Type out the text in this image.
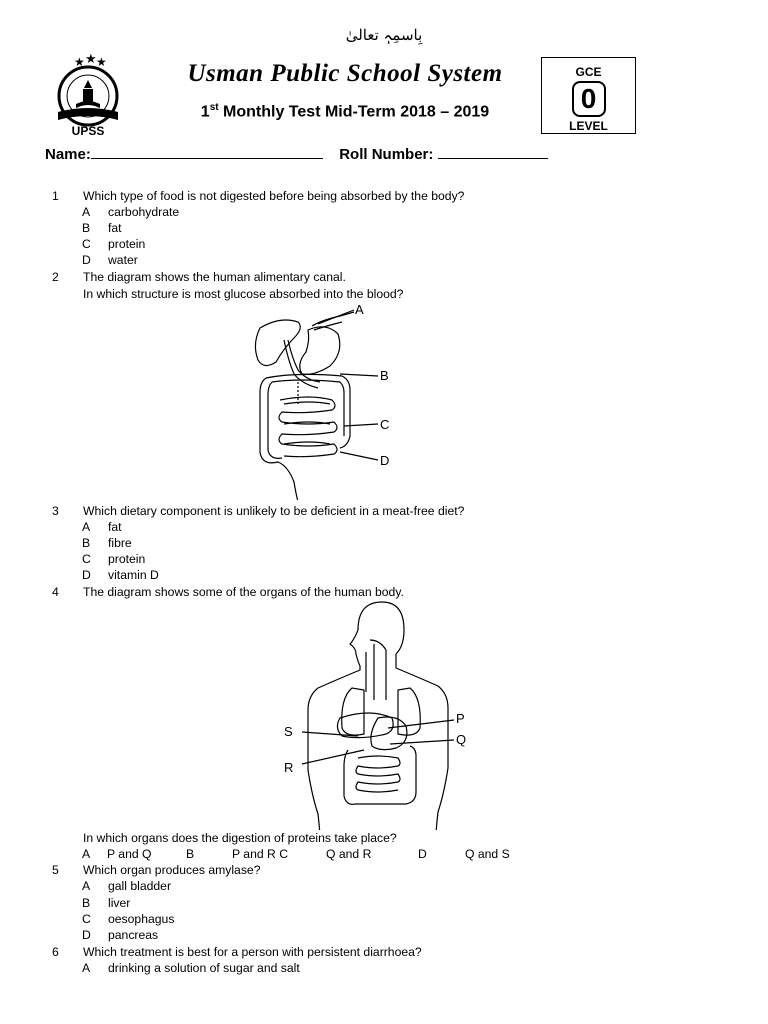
بِاسمِہٖ تعالیٰ
★ ★ ★
UPSS
Usman Public School System
1st Monthly Test Mid-Term 2018 – 2019
GCE
0
LEVEL
Name:	Roll Number:
1 Which type of food is not digested before being absorbed by the body?
A carbohydrate
B fat
C protein
D water
2 The diagram shows the human alimentary canal.
In which structure is most glucose absorbed into the blood?
A
B
C
D
3 Which dietary component is unlikely to be deficient in a meat-free diet?
A fat
B fibre
C protein
D vitamin D
4 The diagram shows some of the organs of the human body.
P
Q
S
R
In which organs does the digestion of proteins take place?
A P and Q	B	P and R C	Q and R	D	Q and S
5 Which organ produces amylase?
A gall bladder
B liver
C oesophagus
D pancreas
6 Which treatment is best for a person with persistent diarrhoea?
A drinking a solution of sugar and salt
